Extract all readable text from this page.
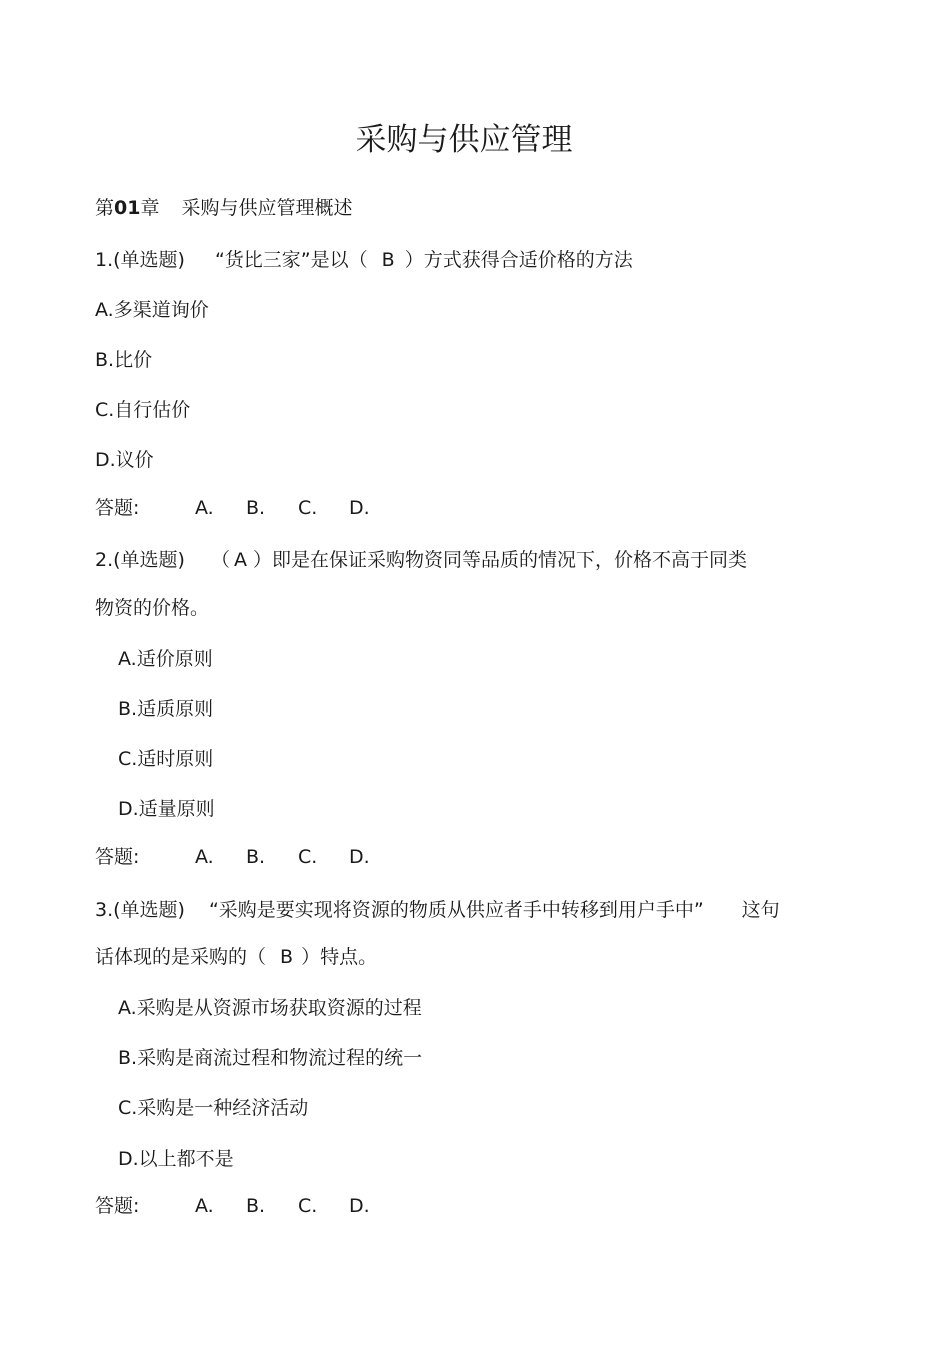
采购与供应管理
第01章 采购与供应管理概述
1.(单选题) “货比三家”是以（ B ）方式获得合适价格的方法
A.多渠道询价
B.比价
C.自行估价
D.议价
答题:	A. B. C. D.
2.(单选题) （ A ）即是在保证采购物资同等品质的情况下，价格不高于同类
物资的价格。
A.适价原则
B.适质原则
C.适时原则
D.适量原则
答题:	A. B. C. D.
3.(单选题) “采购是要实现将资源的物质从供应者手中转移到用户手中” 这句
话体现的是采购的（ B ）特点。
A.采购是从资源市场获取资源的过程
B.采购是商流过程和物流过程的统一
C.采购是一种经济活动
D.以上都不是
答题:	A. B. C. D.
